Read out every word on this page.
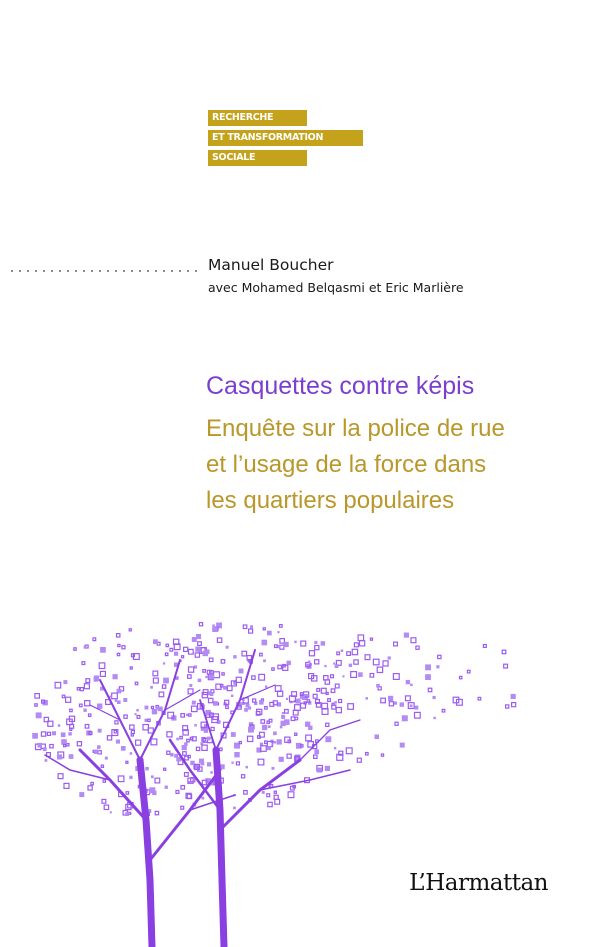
RECHERCHE
ET TRANSFORMATION
SOCIALE
Manuel Boucher
avec Mohamed Belqasmi et Eric Marlière
Casquettes contre képis
Enquête sur la police de rue
et l’usage de la force dans
les quartiers populaires
L’Harmattan
